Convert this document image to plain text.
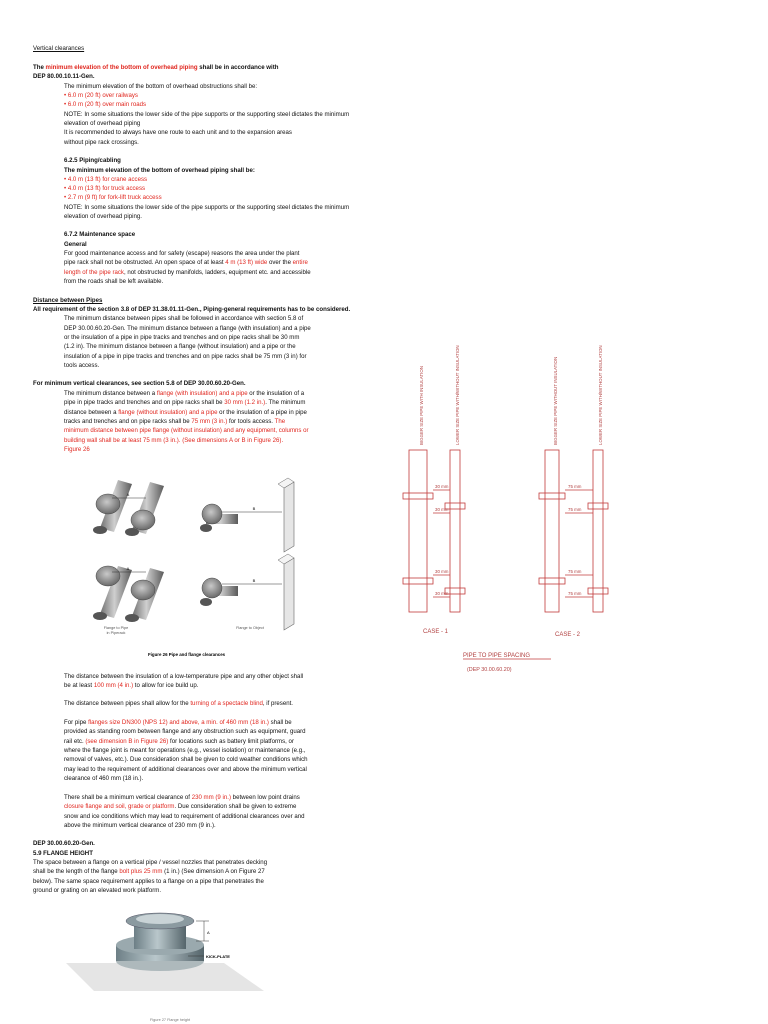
Vertical clearances
The minimum elevation of the bottom of overhead piping shall be in accordance with
DEP 80.00.10.11-Gen.
The minimum elevation of the bottom of overhead obstructions shall be:
• 6.0 m (20 ft) over railways
• 6.0 m (20 ft) over main roads
NOTE: In some situations the lower side of the pipe supports or the supporting steel dictates the minimum
elevation of overhead piping
It is recommended to always have one route to each unit and to the expansion areas
without pipe rack crossings.
6.2.5 Piping/cabling
The minimum elevation of the bottom of overhead piping shall be:
• 4.0 m (13 ft) for crane access
• 4.0 m (13 ft) for truck access
• 2.7 m (9 ft) for fork-lift truck access
NOTE: In some situations the lower side of the pipe supports or the supporting steel dictates the minimum
elevation of overhead piping.
6.7.2 Maintenance space
General
For good maintenance access and for safety (escape) reasons the area under the plant
pipe rack shall not be obstructed. An open space of at least 4 m (13 ft) wide over the entire
length of the pipe rack, not obstructed by manifolds, ladders, equipment etc. and accessible
from the roads shall be left available.
Distance between Pipes
All requirement of the section 3.8 of DEP 31.38.01.11-Gen., Piping-general requirements has to be considered.
The minimum distance between pipes shall be followed in accordance with section 5.8 of
DEP 30.00.60.20-Gen. The minimum distance between a flange (with insulation) and a pipe
or the insulation of a pipe in pipe tracks and trenches and on pipe racks shall be 30 mm
(1.2 in). The minimum distance between a flange (without insulation) and a pipe or the
insulation of a pipe in pipe tracks and trenches and on pipe racks shall be 75 mm (3 in) for
tools access.
For minimum vertical clearances, see section 5.8 of DEP 30.00.60.20-Gen.
The minimum distance between a flange (with insulation) and a pipe or the insulation of a
pipe in pipe tracks and trenches and on pipe racks shall be 30 mm (1.2 in.). The minimum
distance between a flange (without insulation) and a pipe or the insulation of a pipe in pipe
tracks and trenches and on pipe racks shall be 75 mm (3 in.) for tools access. The
minimum distance between pipe flange (without insulation) and any equipment, columns or
building wall shall be at least 75 mm (3 in.). (See dimensions A or B in Figure 26).
Figure 26
A
B
A
B
Flange to Pipe
in Piperack
Flange to Object
Figure 26 Pipe and flange clearances
BIGGER SIZE PIPE WITH INSULATION	LOWER SIZE PIPE WITH/WITHOUT INSULATION	BIGGER SIZE PIPE WITHOUT INSULATION	LOWER SIZE PIPE WITH/WITHOUT INSULATION
30 mm
30 mm
30 mm
30 mm
75 mm
75 mm
75 mm
75 mm
CASE - 1	CASE - 2
PIPE TO PIPE SPACING
(DEP 30.00.60.20)
The distance between the insulation of a low-temperature pipe and any other object shall
be at least 100 mm (4 in.) to allow for ice build up.
The distance between pipes shall allow for the turning of a spectacle blind, if present.
For pipe flanges size DN300 (NPS 12) and above, a min. of 460 mm (18 in.) shall be
provided as standing room between flange and any obstruction such as equipment, guard
rail etc. (see dimension B in Figure 26) for locations such as battery limit platforms, or
where the flange joint is meant for operations (e.g., vessel isolation) or maintenance (e.g.,
removal of valves, etc.). Due consideration shall be given to cold weather conditions which
may lead to the requirement of additional clearances over and above the minimum vertical
clearance of 460 mm (18 in.).
There shall be a minimum vertical clearance of 230 mm (9 in.) between low point drains
closure flange and soil, grade or platform. Due consideration shall be given to extreme
snow and ice conditions which may lead to requirement of additional clearances over and
above the minimum vertical clearance of 230 mm (9 in.).
DEP 30.00.60.20-Gen.
5.9 FLANGE HEIGHT
The space between a flange on a vertical pipe / vessel nozzles that penetrates decking
shall be the length of the flange bolt plus 25 mm (1 in.) (See dimension A on Figure 27
below). The same space requirement applies to a flange on a pipe that penetrates the
ground or grating on an elevated work platform.
A
KICK-PLATE
Figure 27 Flange height
